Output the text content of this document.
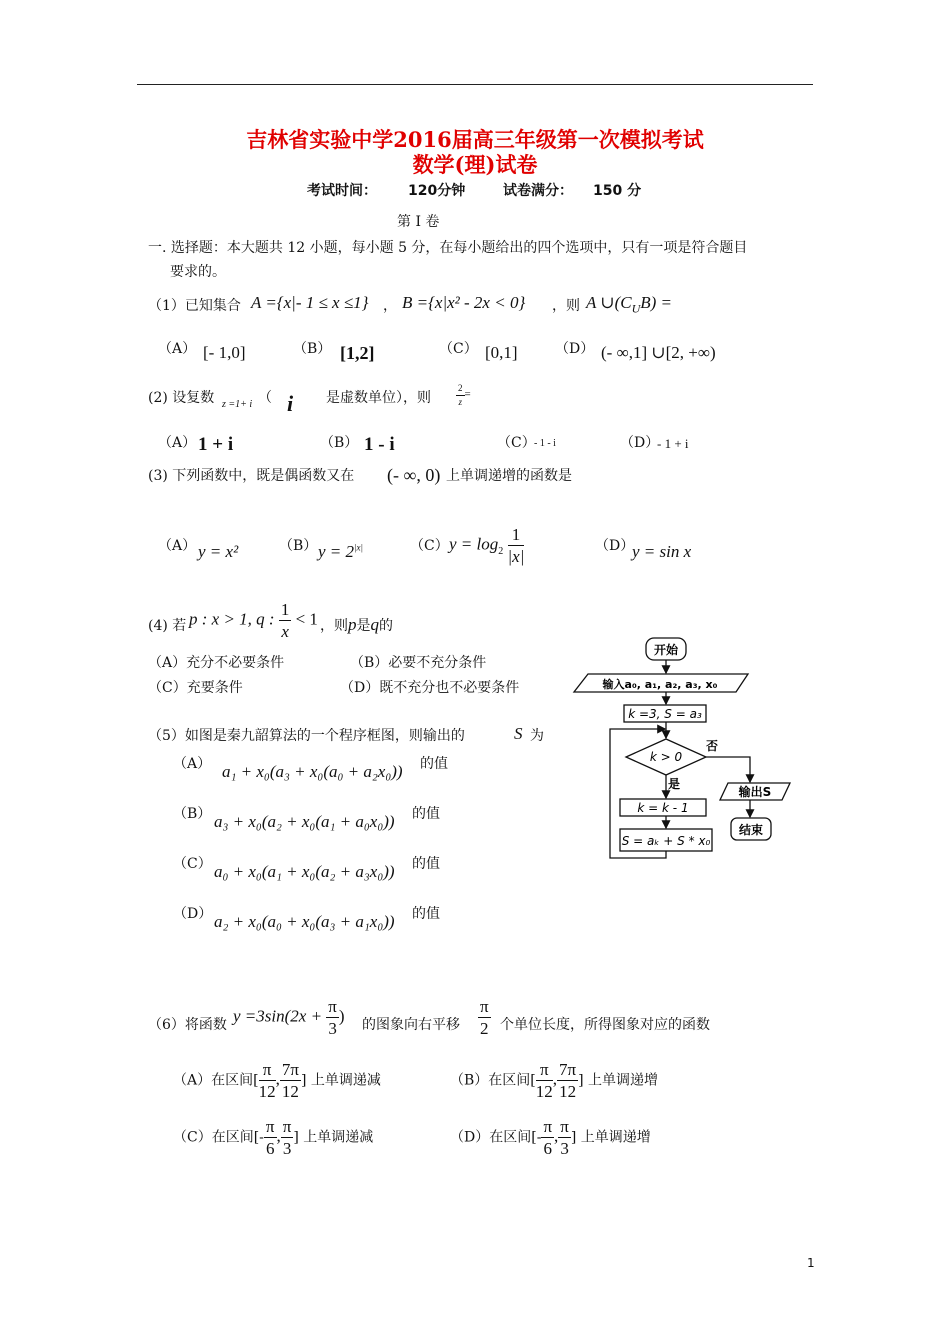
吉林省实验中学2016届高三年级第一次模拟考试
数学(理)试卷
考试时间： 120分钟	试卷满分： 150 分
第 I 卷
一. 选择题：本大题共 12 小题，每小题 5 分，在每小题给出的四个选项中，只有一项是符合题目
要求的。
（1）已知集合 A ={x|- 1 ≤ x ≤1} ， B ={x|x² - 2x < 0} ，则 A $\cup(C_UB)$ =
（A） [- 1,0]	（B） [1,2]	（C） [0,1]	（D） (- ∞,1] ∪[2, +∞)
(2) 设复数 z =1+ i （ i 是虚数单位），则	$\frac{2}{z}$ =
（A） 1 + i	（B） 1 - i	（C）
- 1 - i	（D）
- 1 + i
(3) 下列函数中，既是偶函数又在 (- ∞, 0) 上单调递增的函数是
（A） y = x²	（B） $y = 2^{|x|}$	（C） $y = \log_2 \frac{1}{|x|}$	（D）
y = sin x
(4) 若 p : x > 1, q : $\frac{1}{x} < 1$ ，则p是q的
（A）充分不必要条件	（B）必要不充分条件
（C）充要条件	（D）既不充分也不必要条件
（5）如图是秦九韶算法的一个程序框图，则输出的	S 为
（A） a₁ + x₀(a₃ + x₀(a₀ + a₂x₀)) 的值
（B） a₃ + x₀(a₂ + x₀(a₁ + a₀x₀)) 的值
（C） a₀ + x₀(a₁ + x₀(a₂ + a₃x₀)) 的值
（D） a₂ + x₀(a₀ + x₀(a₃ + a₁x₀)) 的值
开始
输入a₀, a₁, a₂, a₃, x₀
k =3, S = a₃
k > 0
否
是
k = k - 1
S = aₖ + S * x₀
输出S
结束
（6）将函数 $y =3\sin(2x + \frac{\pi}{3}$ ) 的图象向右平移 $\frac{\pi}{2}$ 个单位长度，所得图象对应的函数
（A）在区间[ $\frac{\pi}{12}$ , $\frac{7\pi}{12}$ ] 上单调递减	（B）在区间[ $\frac{\pi}{12}$ , $\frac{7\pi}{12}$ ] 上单调递增
（C）在区间[- $\frac{\pi}{6}$ , $\frac{\pi}{3}$ ] 上单调递减	（D）在区间[- $\frac{\pi}{6}$ , $\frac{\pi}{3}$ ] 上单调递增
1
